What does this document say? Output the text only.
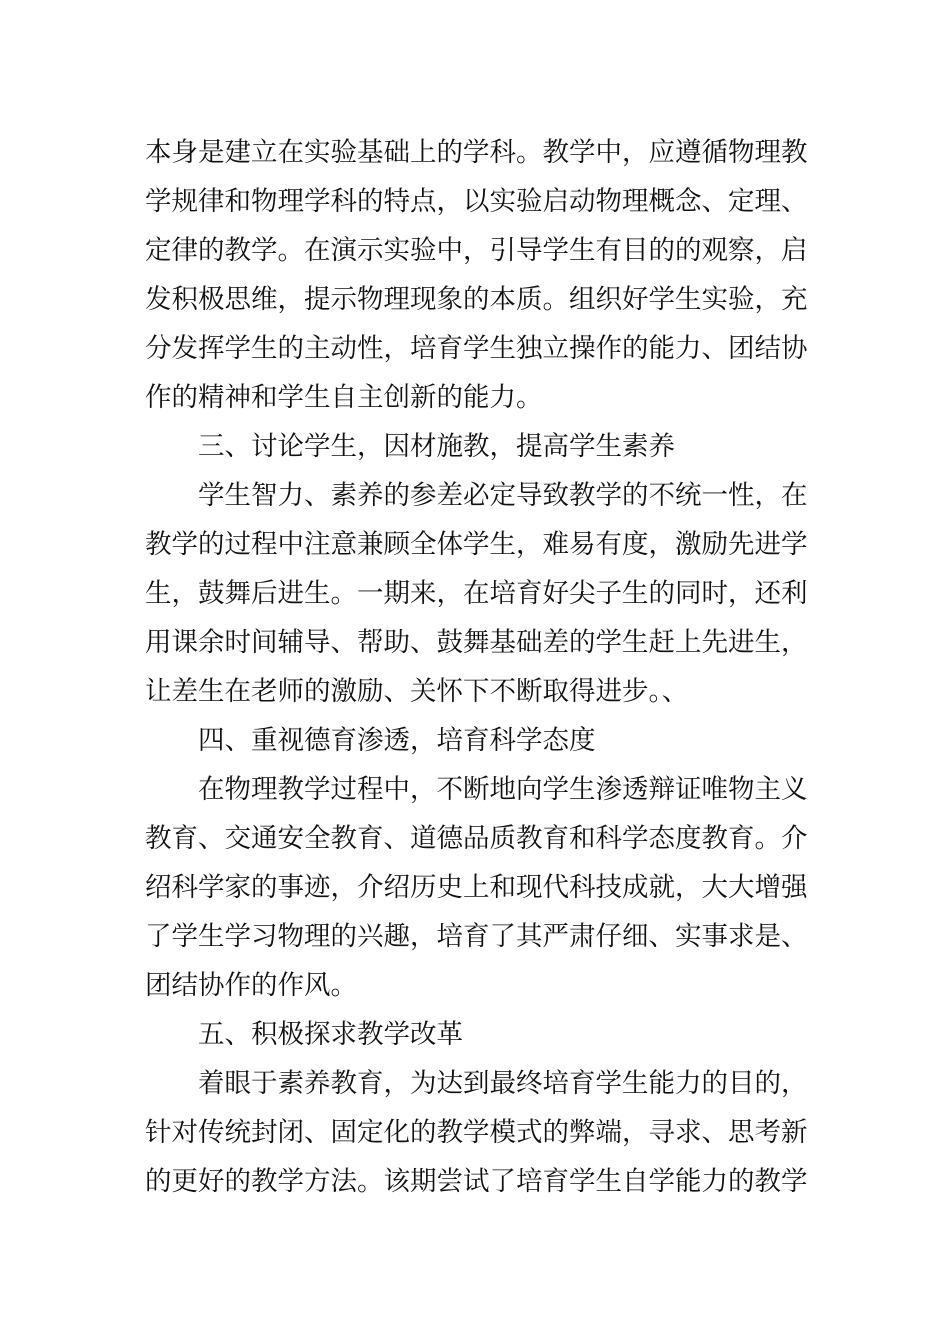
本身是建立在实验基础上的学科。教学中，应遵循物理教
学规律和物理学科的特点，以实验启动物理概念、定理、
定律的教学。在演示实验中，引导学生有目的的观察，启
发积极思维，提示物理现象的本质。组织好学生实验，充
分发挥学生的主动性，培育学生独立操作的能力、团结协
作的精神和学生自主创新的能力。
三、讨论学生，因材施教，提高学生素养
学生智力、素养的参差必定导致教学的不统一性，在
教学的过程中注意兼顾全体学生，难易有度，激励先进学
生，鼓舞后进生。一期来，在培育好尖子生的同时，还利
用课余时间辅导、帮助、鼓舞基础差的学生赶上先进生，
让差生在老师的激励、关怀下不断取得进步。、
四、重视德育渗透，培育科学态度
在物理教学过程中，不断地向学生渗透辩证唯物主义
教育、交通安全教育、道德品质教育和科学态度教育。介
绍科学家的事迹，介绍历史上和现代科技成就，大大增强
了学生学习物理的兴趣，培育了其严肃仔细、实事求是、
团结协作的作风。
五、积极探求教学改革
着眼于素养教育，为达到最终培育学生能力的目的，
针对传统封闭、固定化的教学模式的弊端，寻求、思考新
的更好的教学方法。该期尝试了培育学生自学能力的教学
